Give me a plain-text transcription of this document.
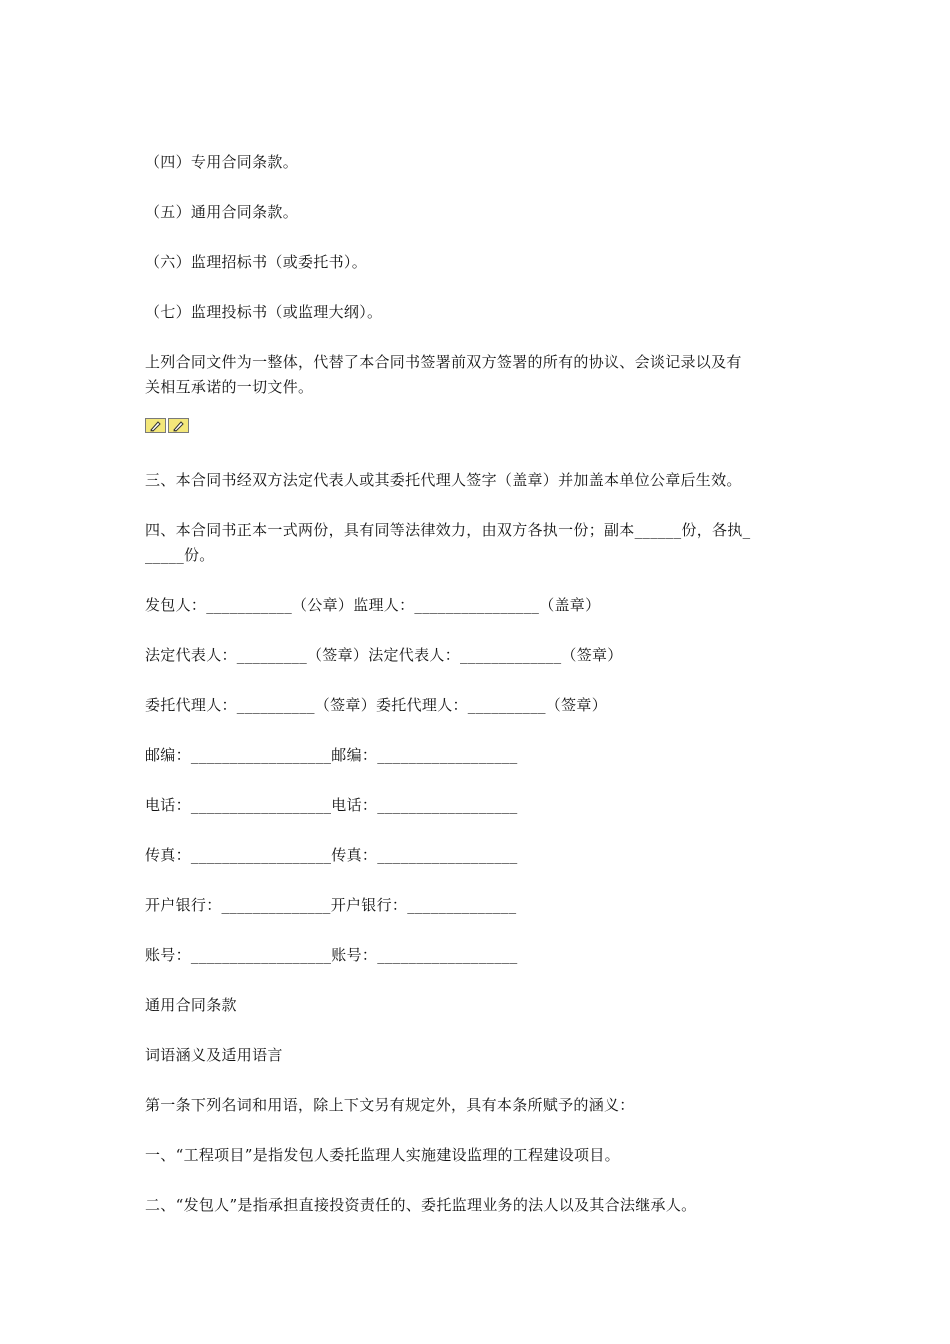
（四）专用合同条款。
（五）通用合同条款。
（六）监理招标书（或委托书）。
（七）监理投标书（或监理大纲）。
上列合同文件为一整体，代替了本合同书签署前双方签署的所有的协议、会谈记录以及有
关相互承诺的一切文件。
三、本合同书经双方法定代表人或其委托代理人签字（盖章）并加盖本单位公章后生效。
四、本合同书正本一式两份，具有同等法律效力，由双方各执一份；副本______份，各执_
_____份。
发包人：___________（公章）监理人：________________（盖章）
法定代表人：_________（签章）法定代表人：_____________（签章）
委托代理人：__________（签章）委托代理人：__________（签章）
邮编：__________________邮编：__________________
电话：__________________电话：__________________
传真：__________________传真：__________________
开户银行：______________开户银行：______________
账号：__________________账号：__________________
通用合同条款
词语涵义及适用语言
第一条下列名词和用语，除上下文另有规定外，具有本条所赋予的涵义：
一、“工程项目”是指发包人委托监理人实施建设监理的工程建设项目。
二、“发包人”是指承担直接投资责任的、委托监理业务的法人以及其合法继承人。
